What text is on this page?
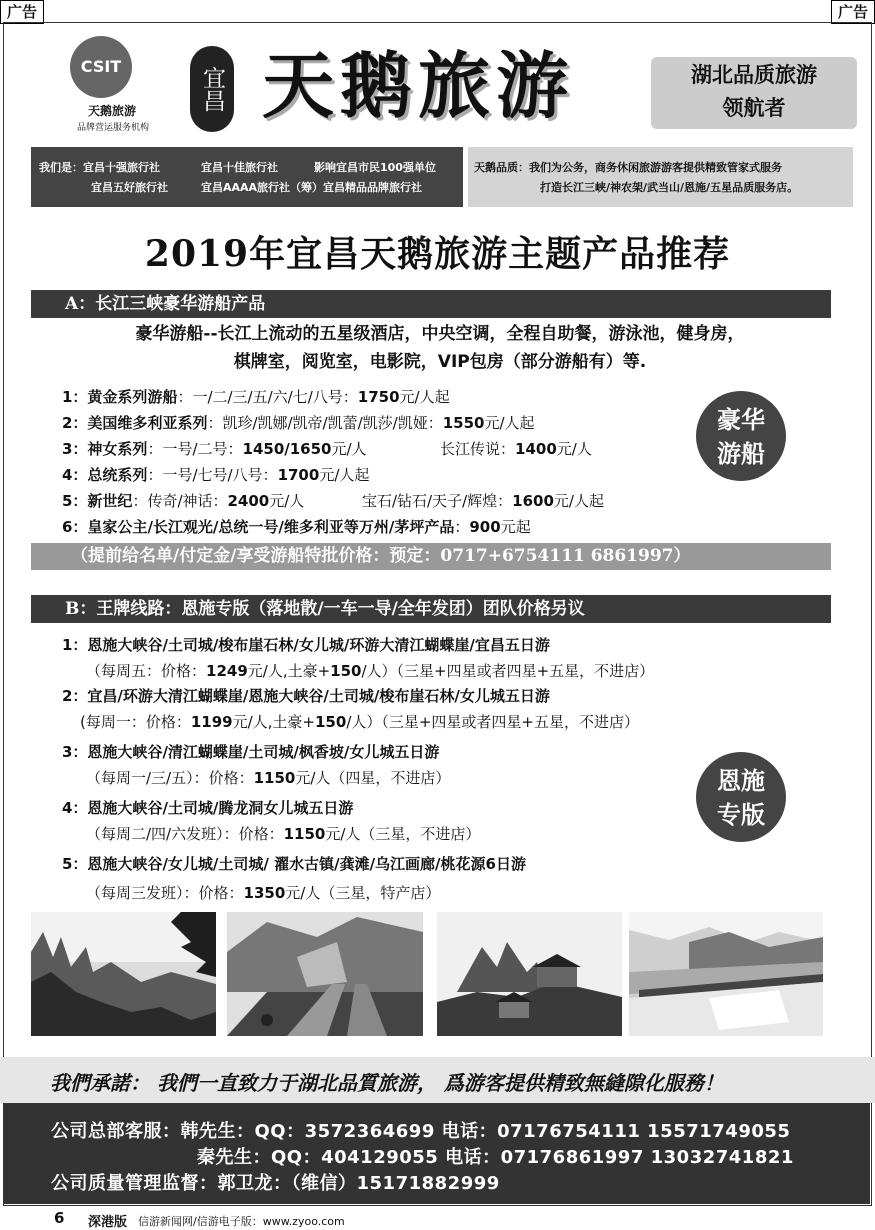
广告	广告
CSIT
天鹅旅游
品牌营运服务机构
宜昌 天鹅旅游	湖北品质旅游
领航者
我们是：宜昌十强旅行社	宜昌十佳旅行社	影响宜昌市民100强单位
宜昌五好旅行社	宜昌AAAA旅行社（筹）宜昌精品品牌旅行社
天鹅品质：我们为公务，商务休闲旅游游客提供精致管家式服务
打造长江三峡/神农架/武当山/恩施/五星品质服务店。
2019年宜昌天鹅旅游主题产品推荐
A：长江三峡豪华游船产品
豪华游船--长江上流动的五星级酒店，中央空调，全程自助餐，游泳池，健身房，
棋牌室，阅览室，电影院，VIP包房（部分游船有）等.
1：黄金系列游船：一/二/三/五/六/七/八号：1750元/人起
2：美国维多利亚系列：凯珍/凯娜/凯帝/凯蕾/凯莎/凯娅：1550元/人起
3：神女系列：一号/二号：1450/1650元/人	长江传说：1400元/人
4：总统系列：一号/七号/八号：1700元/人起
5：新世纪：传奇/神话：2400元/人	宝石/钻石/天子/辉煌：1600元/人起
6：皇家公主/长江观光/总统一号/维多利亚等万州/茅坪产品：900元起
豪华
游船
（提前给名单/付定金/享受游船特批价格：预定：0717+6754111 6861997）
B：王牌线路：恩施专版（落地散/一车一导/全年发团）团队价格另议
1：恩施大峡谷/土司城/梭布崖石林/女儿城/环游大清江蝴蝶崖/宜昌五日游
（每周五：价格：1249元/人,土豪+150/人）（三星+四星或者四星+五星，不进店）
2：宜昌/环游大清江蝴蝶崖/恩施大峡谷/土司城/梭布崖石林/女儿城五日游
(每周一：价格：1199元/人,土豪+150/人）（三星+四星或者四星+五星，不进店）
3：恩施大峡谷/清江蝴蝶崖/土司城/枫香坡/女儿城五日游
（每周一/三/五）：价格：1150元/人（四星，不进店）
4：恩施大峡谷/土司城/腾龙洞女儿城五日游
（每周二/四/六发班）：价格：1150元/人（三星，不进店）
5：恩施大峡谷/女儿城/土司城/ 濯水古镇/龚滩/乌江画廊/桃花源6日游
（每周三发班）：价格：1350元/人（三星，特产店）
恩施
专版
我們承諾： 我們一直致力于湖北品質旅游， 爲游客提供精致無縫隙化服務！
公司总部客服：韩先生：QQ：3572364699 电话：07176754111 15571749055
秦先生：QQ：404129055 电话：07176861997 13032741821
公司质量管理监督：郭卫龙：（维信）15171882999
6 深港版 信游新闻网/信游电子版：www.zyoo.com
